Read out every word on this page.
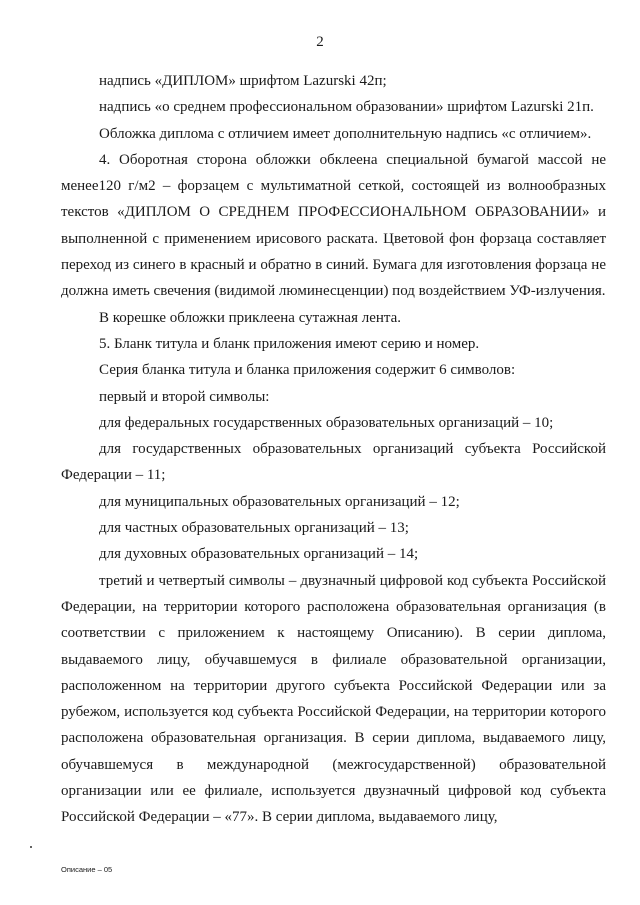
2

надпись «ДИПЛОМ» шрифтом Lazurski 42п;

надпись «о среднем профессиональном образовании» шрифтом Lazurski 21п.

Обложка диплома с отличием имеет дополнительную надпись «с отличием».

4. Оборотная сторона обложки обклеена специальной бумагой массой не менее120 г/м2 – форзацем с мультиматной сеткой, состоящей из волнообразных текстов «ДИПЛОМ О СРЕДНЕМ ПРОФЕССИОНАЛЬНОМ ОБРАЗОВАНИИ» и выполненной с применением ирисового раската. Цветовой фон форзаца составляет переход из синего в красный и обратно в синий. Бумага для изготовления форзаца не должна иметь свечения (видимой люминесценции) под воздействием УФ-излучения.

В корешке обложки приклеена сутажная лента.

5. Бланк титула и бланк приложения имеют серию и номер.

Серия бланка титула и бланка приложения содержит 6 символов:

первый и второй символы:

для федеральных государственных образовательных организаций – 10;

для государственных образовательных организаций субъекта Российской Федерации – 11;

для муниципальных образовательных организаций – 12;

для частных образовательных организаций – 13;

для духовных образовательных организаций – 14;

третий и четвертый символы – двузначный цифровой код субъекта Российской Федерации, на территории которого расположена образовательная организация (в соответствии с приложением к настоящему Описанию). В серии диплома, выдаваемого лицу, обучавшемуся в филиале образовательной организации, расположенном на территории другого субъекта Российской Федерации или за рубежом, используется код субъекта Российской Федерации, на территории которого расположена образовательная организация. В серии диплома, выдаваемого лицу, обучавшемуся в международной (межгосударственной) образовательной организации или ее филиале, используется двузначный цифровой код субъекта Российской Федерации – «77». В серии диплома, выдаваемого лицу,

Описание – 05
